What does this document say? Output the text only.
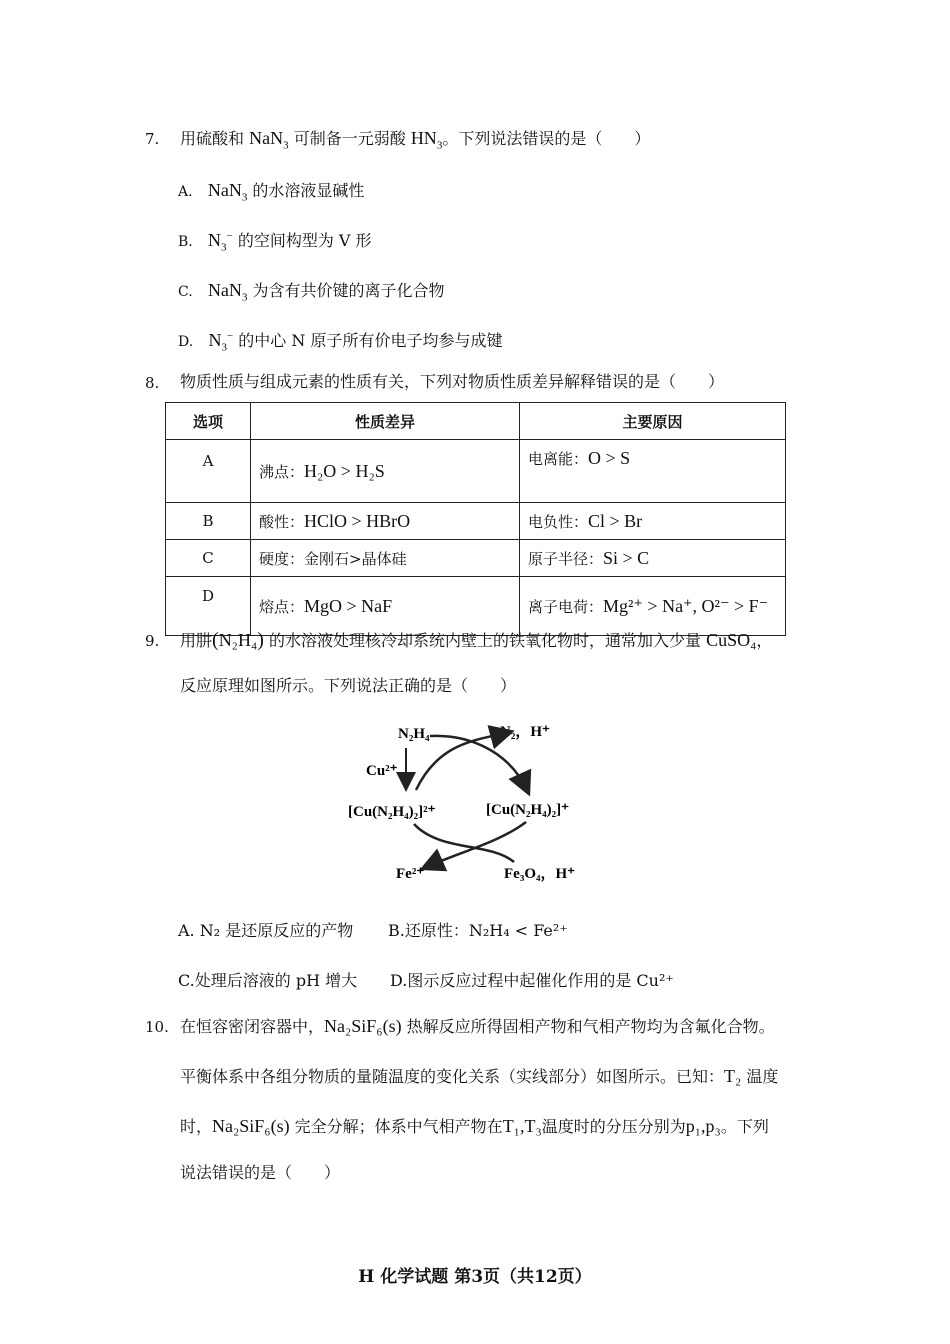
7. 用硫酸和 NaN$_3$ 可制备一元弱酸 $HN_3$。下列说法错误的是（　　）
A. NaN$_3$ 的水溶液显碱性
B. $N_3^-$ 的空间构型为 V 形
C. NaN$_3$ 为含有共价键的离子化合物
D. $N_3^-$ 的中心 N 原子所有价电子均参与成键
8. 物质性质与组成元素的性质有关，下列对物质性质差异解释错误的是（　　）
选项	性质差异	主要原因
A	沸点：H₂O > H₂S	电离能：O > S
B	酸性：HClO > HBrO	电负性：Cl > Br
C	硬度：金刚石>晶体硅	原子半径：Si > C
D	熔点：MgO > NaF	离子电荷：Mg²⁺ > Na⁺, O²⁻ > F⁻
9. 用肼(N₂H₄) 的水溶液处理核冷却系统内壁上的铁氧化物时，通常加入少量 CuSO₄，
反应原理如图所示。下列说法正确的是（　　）
N₂H₄	N₂，H⁺
Cu²⁺
[Cu(N₂H₄)₂]²⁺	[Cu(N₂H₄)₂]⁺
Fe²⁺	Fe₃O₄，H⁺
A. N₂ 是还原反应的产物 B.还原性：N₂H₄ < Fe²⁺
C.处理后溶液的 pH 增大 D.图示反应过程中起催化作用的是 Cu²⁺
10. 在恒容密闭容器中，Na₂SiF₆(s) 热解反应所得固相产物和气相产物均为含氟化合物。
平衡体系中各组分物质的量随温度的变化关系（实线部分）如图所示。已知：T₂ 温度
时，Na₂SiF₆(s) 完全分解；体系中气相产物在T₁,T₃温度时的分压分别为p₁,p₃。下列
说法错误的是（　　）
H 化学试题 第3页（共12页）
